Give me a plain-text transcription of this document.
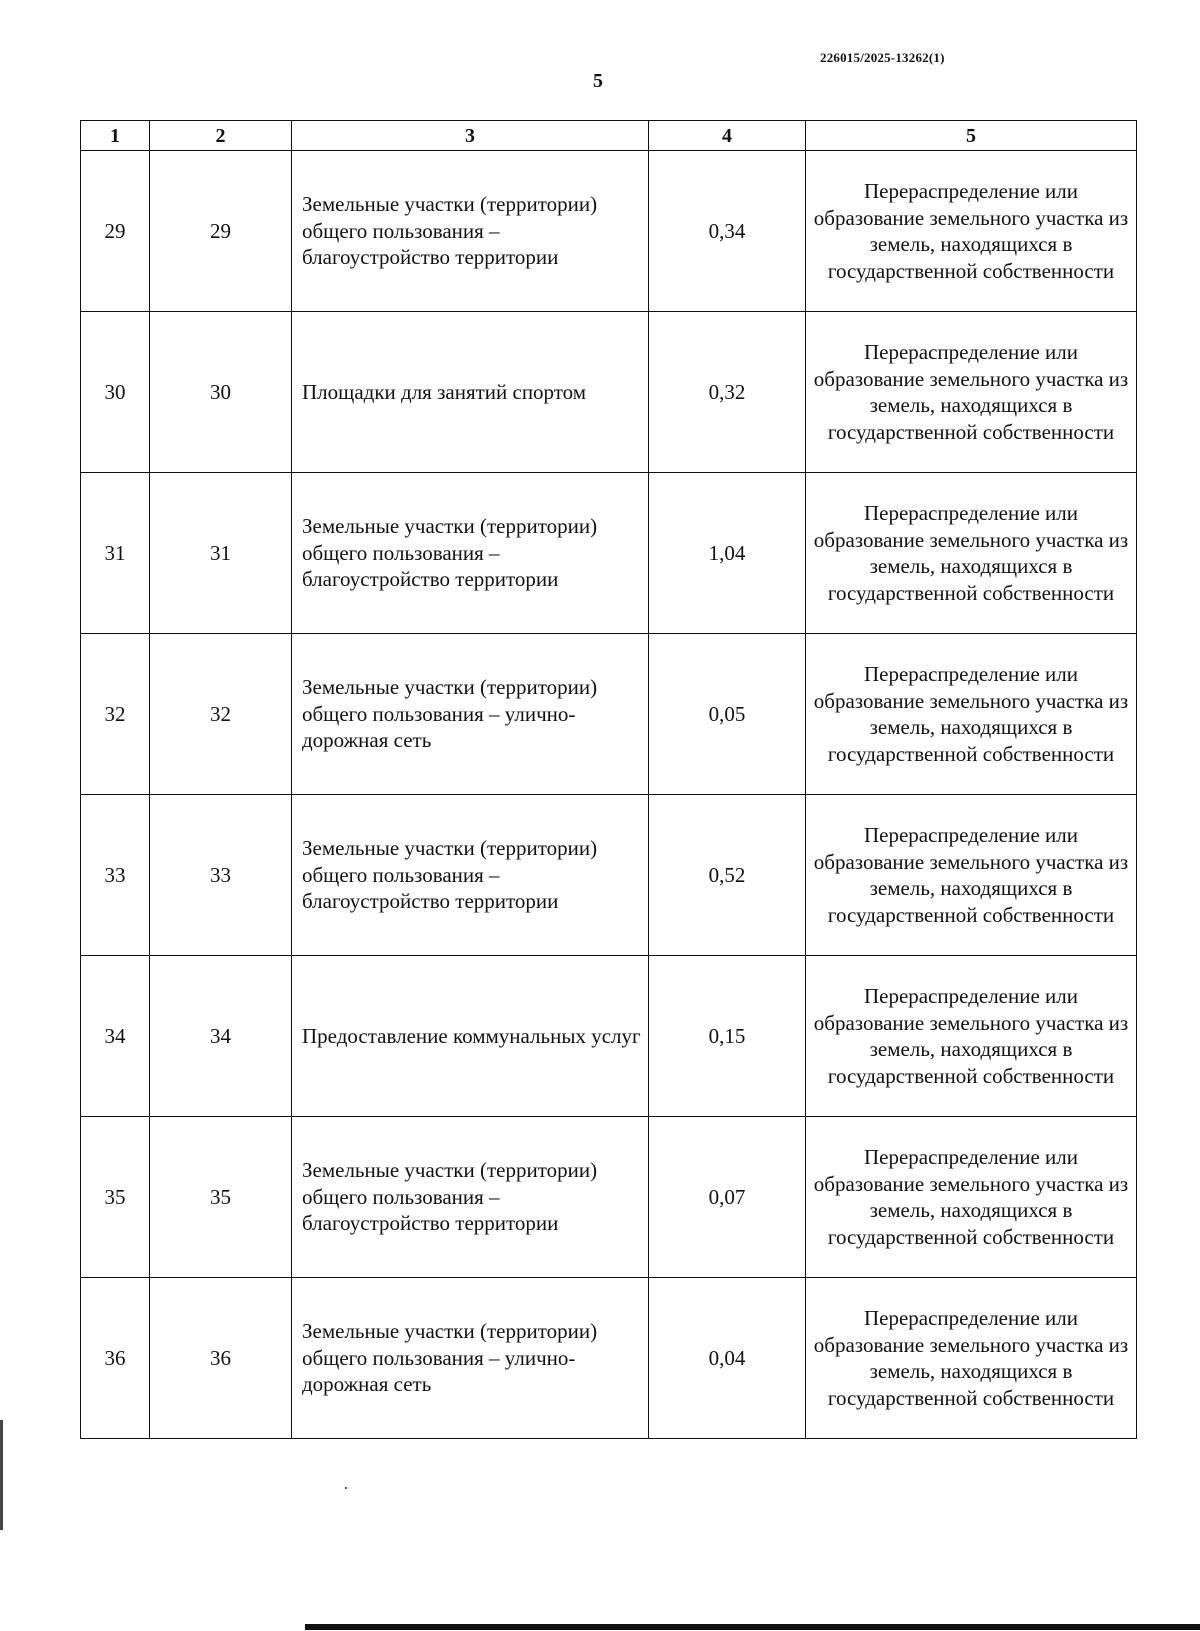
226015/2025-13262(1)
5
1	2	3	4	5
29	29	Земельные участки (территории) общего пользования – благоустройство территории	0,34	Перераспределение или образование земельного участка из земель, находящихся в государственной собственности
30	30	Площадки для занятий спортом	0,32	Перераспределение или образование земельного участка из земель, находящихся в государственной собственности
31	31	Земельные участки (территории) общего пользования – благоустройство территории	1,04	Перераспределение или образование земельного участка из земель, находящихся в государственной собственности
32	32	Земельные участки (территории) общего пользования – улично-дорожная сеть	0,05	Перераспределение или образование земельного участка из земель, находящихся в государственной собственности
33	33	Земельные участки (территории) общего пользования – благоустройство территории	0,52	Перераспределение или образование земельного участка из земель, находящихся в государственной собственности
34	34	Предоставление коммунальных услуг	0,15	Перераспределение или образование земельного участка из земель, находящихся в государственной собственности
35	35	Земельные участки (территории) общего пользования – благоустройство территории	0,07	Перераспределение или образование земельного участка из земель, находящихся в государственной собственности
36	36	Земельные участки (территории) общего пользования – улично-дорожная сеть	0,04	Перераспределение или образование земельного участка из земель, находящихся в государственной собственности
